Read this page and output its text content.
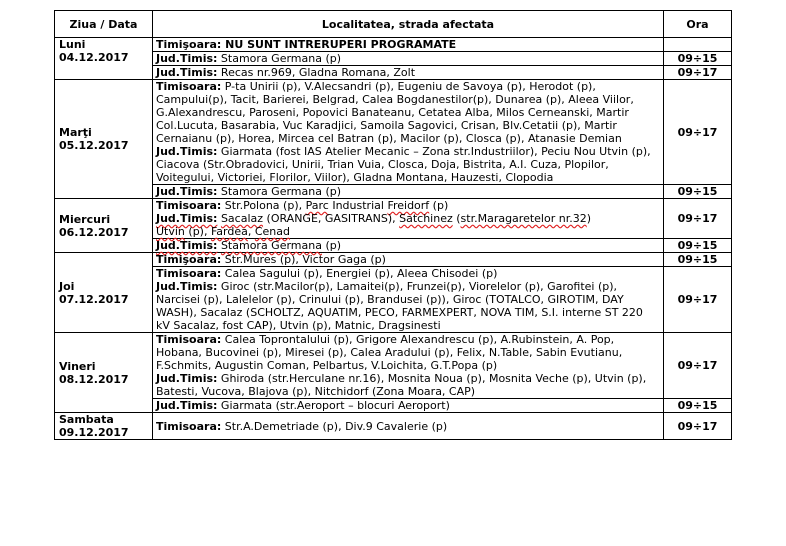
Ziua / Data	Localitatea, strada afectata	Ora

Luni
04.12.2017	Timişoara: NU SUNT INTRERUPERI PROGRAMATE	
	Jud.Timis: Stamora Germana (p)	09÷15
	Jud.Timis: Recas nr.969, Gladna Romana, Zolt	09÷17

Marţi
05.12.2017	Timisoara: P-ta Unirii (p), V.Alecsandri (p), Eugeniu de Savoya (p), Herodot (p), Campului(p), Tacit, Barierei, Belgrad, Calea Bogdanestilor(p), Dunarea (p), Aleea Viilor, G.Alexandrescu, Paroseni, Popovici Banateanu, Cetatea Alba, Milos Cerneanski, Martir Col.Lucuta, Basarabia, Vuc Karadjici, Samoila Sagovici, Crisan, Blv.Cetatii (p), Martir Cernaianu (p), Horea, Mircea cel Batran (p), Macilor (p), Closca (p), Atanasie Demian
Jud.Timis: Giarmata (fost IAS Atelier Mecanic – Zona str.Industriilor), Peciu Nou Utvin (p), Ciacova (Str.Obradovici, Unirii, Trian Vuia, Closca, Doja, Bistrita, A.I. Cuza, Plopilor, Voitegului, Victoriei, Florilor, Viilor), Gladna Montana, Hauzesti, Clopodia	09÷17
	Jud.Timis: Stamora Germana (p)	09÷15

Miercuri
06.12.2017	Timisoara: Str.Polona (p), Parc Industrial Freidorf (p)
Jud.Timis: Sacalaz (ORANGE, GASITRANS), Satchinez (str.Maragaretelor nr.32)
Utvin (p), Fardea, Cenad	09÷17
	Jud.Timis: Stamora Germana (p)	09÷15

Joi
07.12.2017	Timişoara: Str.Mures (p), Victor Gaga (p)	09÷15
	Timisoara: Calea Sagului (p), Energiei (p), Aleea Chisodei (p)
Jud.Timis: Giroc (str.Macilor(p), Lamaitei(p), Frunzei(p), Viorelelor (p), Garofitei (p), Narcisei (p), Lalelelor (p), Crinului (p), Brandusei (p)), Giroc (TOTALCO, GIROTIM, DAY WASH), Sacalaz (SCHOLTZ, AQUATIM, PECO, FARMEXPERT, NOVA TIM, S.I. interne ST 220 kV Sacalaz, fost CAP), Utvin (p), Matnic, Dragsinesti	09÷17

Vineri
08.12.2017	Timisoara: Calea Toprontalului (p), Grigore Alexandrescu (p), A.Rubinstein, A. Pop, Hobana, Bucovinei (p), Miresei (p), Calea Aradului (p), Felix, N.Table, Sabin Evutianu, F.Schmits, Augustin Coman, Pelbartus, V.Loichita, G.T.Popa (p)
Jud.Timis: Ghiroda (str.Herculane nr.16), Mosnita Noua (p), Mosnita Veche (p), Utvin (p), Batesti, Vucova, Blajova (p), Nitchidorf (Zona Moara, CAP)	09÷17
	Jud.Timis: Giarmata (str.Aeroport – blocuri Aeroport)	09÷15

Sambata
09.12.2017	Timisoara: Str.A.Demetriade (p), Div.9 Cavalerie (p)	09÷17
